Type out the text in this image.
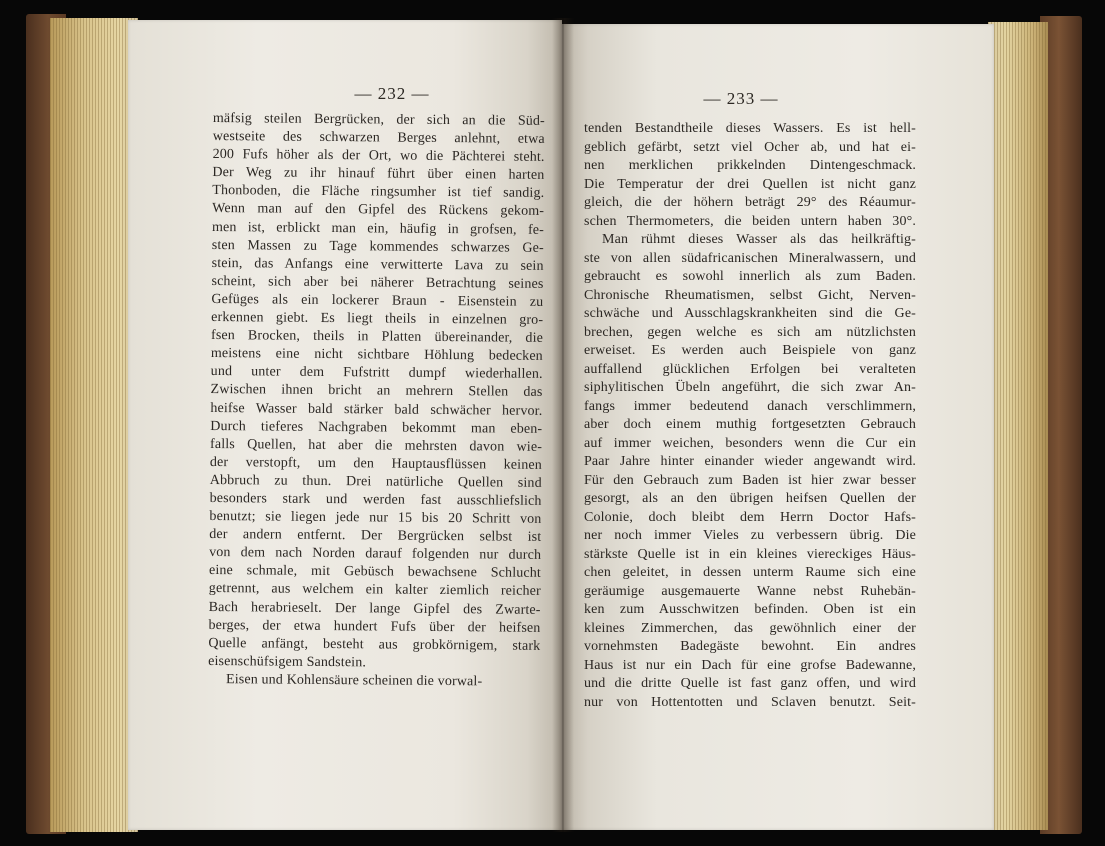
— 232 —	— 233 —
mäfsig steilen Bergrücken, der sich an die Süd-
westseite des schwarzen Berges anlehnt, etwa
200 Fufs höher als der Ort, wo die Pächterei steht.
Der Weg zu ihr hinauf führt über einen harten
Thonboden, die Fläche ringsumher ist tief sandig.
Wenn man auf den Gipfel des Rückens gekom-
men ist, erblickt man ein, häufig in grofsen, fe-
sten Massen zu Tage kommendes schwarzes Ge-
stein, das Anfangs eine verwitterte Lava zu sein
scheint, sich aber bei näherer Betrachtung seines
Gefüges als ein lockerer Braun - Eisenstein zu
erkennen giebt. Es liegt theils in einzelnen gro-
fsen Brocken, theils in Platten übereinander, die
meistens eine nicht sichtbare Höhlung bedecken
und unter dem Fufstritt dumpf wiederhallen.
Zwischen ihnen bricht an mehrern Stellen das
heifse Wasser bald stärker bald schwächer hervor.
Durch tieferes Nachgraben bekommt man eben-
falls Quellen, hat aber die mehrsten davon wie-
der verstopft, um den Hauptausflüssen keinen
Abbruch zu thun. Drei natürliche Quellen sind
besonders stark und werden fast ausschliefslich
benutzt; sie liegen jede nur 15 bis 20 Schritt von
der andern entfernt. Der Bergrücken selbst ist
von dem nach Norden darauf folgenden nur durch
eine schmale, mit Gebüsch bewachsene Schlucht
getrennt, aus welchem ein kalter ziemlich reicher
Bach herabrieselt. Der lange Gipfel des Zwarte-
berges, der etwa hundert Fufs über der heifsen
Quelle anfängt, besteht aus grobkörnigem, stark
eisenschüfsigem Sandstein.
Eisen und Kohlensäure scheinen die vorwal-
tenden Bestandtheile dieses Wassers. Es ist hell-
geblich gefärbt, setzt viel Ocher ab, und hat ei-
nen merklichen prikkelnden Dintengeschmack.
Die Temperatur der drei Quellen ist nicht ganz
gleich, die der höhern beträgt 29° des Réaumur-
schen Thermometers, die beiden untern haben 30°.
Man rühmt dieses Wasser als das heilkräftig-
ste von allen südafricanischen Mineralwassern, und
gebraucht es sowohl innerlich als zum Baden.
Chronische Rheumatismen, selbst Gicht, Nerven-
schwäche und Ausschlagskrankheiten sind die Ge-
brechen, gegen welche es sich am nützlichsten
erweiset. Es werden auch Beispiele von ganz
auffallend glücklichen Erfolgen bei veralteten
siphylitischen Übeln angeführt, die sich zwar An-
fangs immer bedeutend danach verschlimmern,
aber doch einem muthig fortgesetzten Gebrauch
auf immer weichen, besonders wenn die Cur ein
Paar Jahre hinter einander wieder angewandt wird.
Für den Gebrauch zum Baden ist hier zwar besser
gesorgt, als an den übrigen heifsen Quellen der
Colonie, doch bleibt dem Herrn Doctor Hafs-
ner noch immer Vieles zu verbessern übrig. Die
stärkste Quelle ist in ein kleines viereckiges Häus-
chen geleitet, in dessen unterm Raume sich eine
geräumige ausgemauerte Wanne nebst Ruhebän-
ken zum Ausschwitzen befinden. Oben ist ein
kleines Zimmerchen, das gewöhnlich einer der
vornehmsten Badegäste bewohnt. Ein andres
Haus ist nur ein Dach für eine grofse Badewanne,
und die dritte Quelle ist fast ganz offen, und wird
nur von Hottentotten und Sclaven benutzt. Seit-
